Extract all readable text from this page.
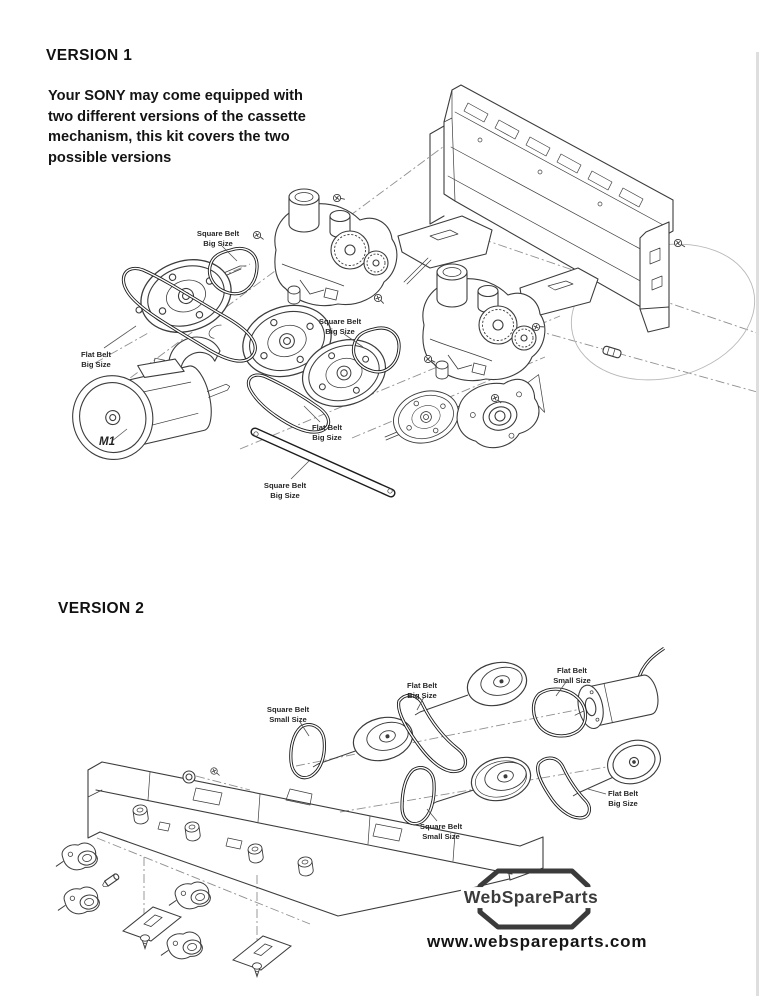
VERSION 1
Your SONY may come equipped with
two different versions of the cassette
mechanism, this kit covers the two
possible versions
Square Belt
Big Size
Square Belt
Big Size
Flat Belt
Big Size
Flat Belt
Big Size
Square Belt
Big Size
M1
VERSION 2
Square Belt
Small Size
Flat Belt
Big Size
Flat Belt
Small Size
Square Belt
Small Size
Flat Belt
Big Size
WebSpareParts
www.webspareparts.com
